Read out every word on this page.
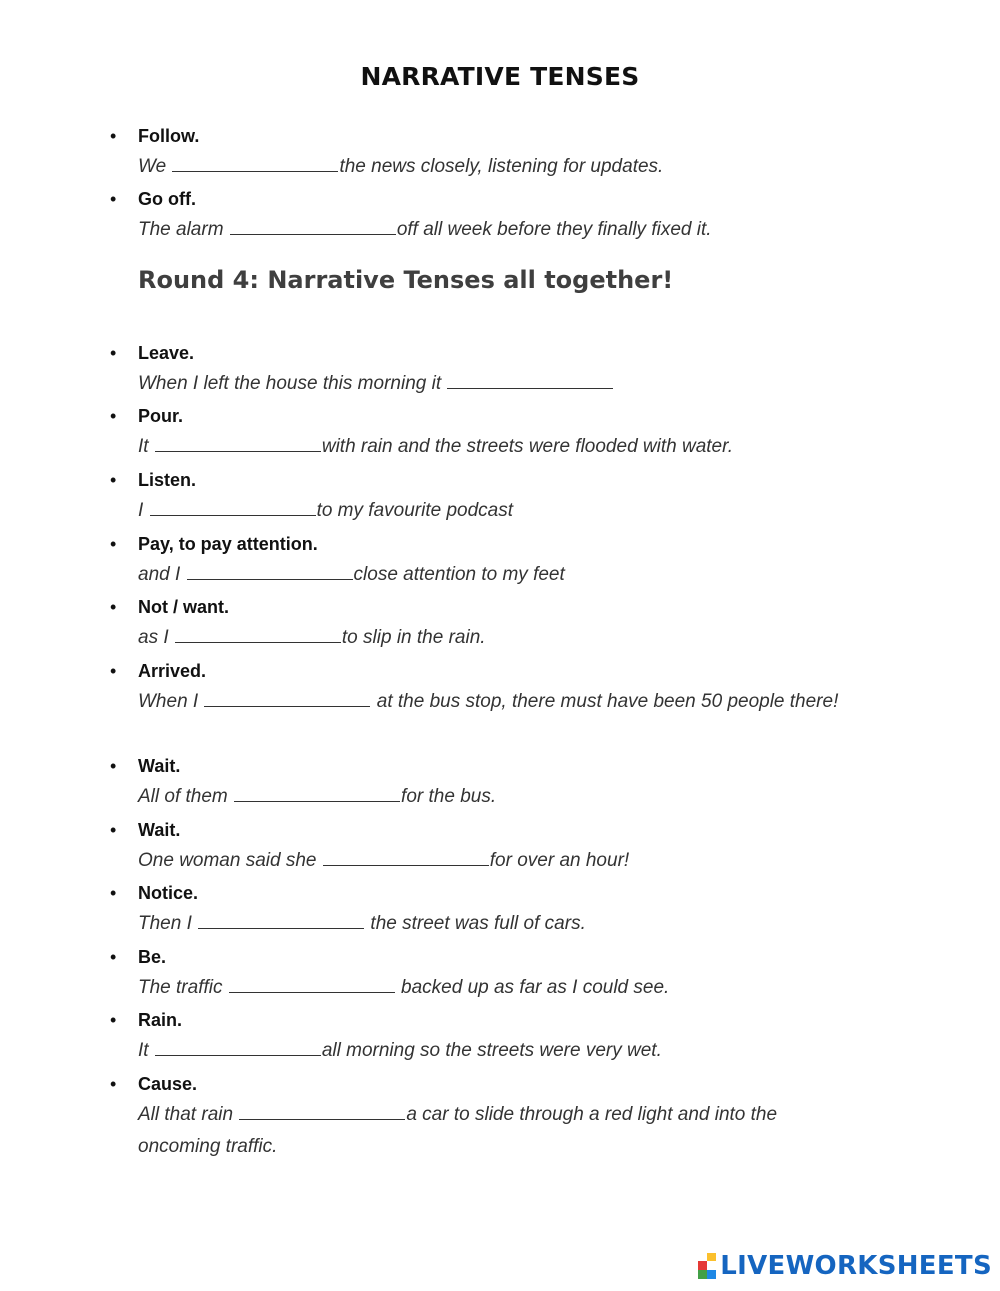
NARRATIVE TENSES
Round 4: Narrative Tenses all together!
•	Follow.
We	the news closely, listening for updates.
•	Go off.
The alarm	off all week before they finally fixed it.
•	Leave.
When I left the house this morning it
•	Pour.
It	with rain and the streets were flooded with water.
•	Listen.
I	to my favourite podcast
•	Pay, to pay attention.
and I	close attention to my feet
•	Not / want.
as I	to slip in the rain.
•	Arrived.
When I	at the bus stop, there must have been 50 people there!
•	Wait.
All of them	for the bus.
•	Wait.
One woman said she	for over an hour!
•	Notice.
Then I	the street was full of cars.
•	Be.
The traffic	backed up as far as I could see.
•	Rain.
It	all morning so the streets were very wet.
•	Cause.
All that rain	a car to slide through a red light and into the oncoming traffic.
LIVEWORKSHEETS
